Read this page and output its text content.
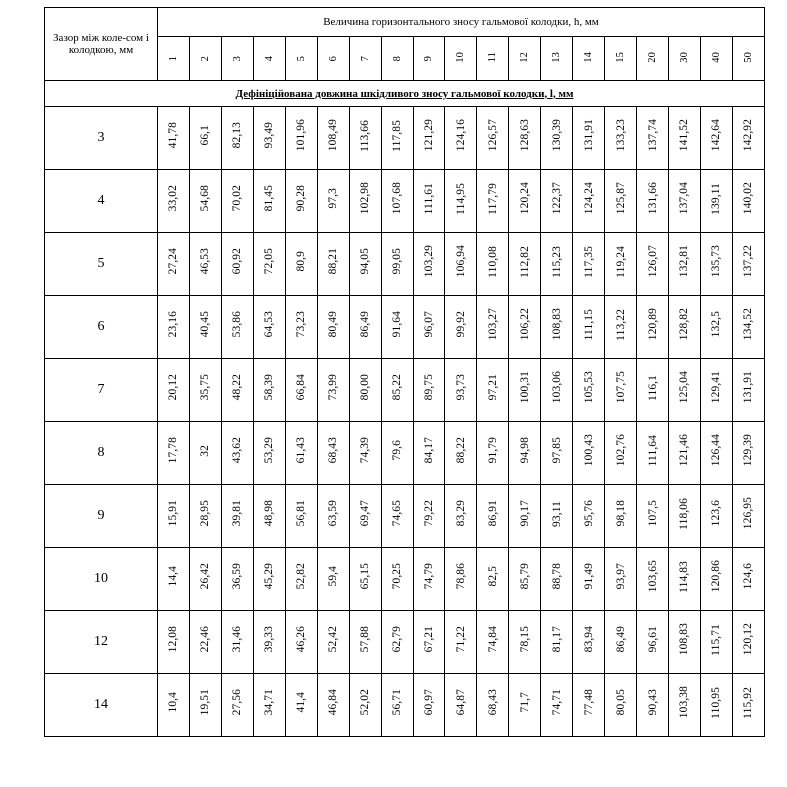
Зазор між коле-сом і колодкою, мм	Величина горизонтального зносу гальмової колодки, h, мм																		
	1	2	3	4	5	6	7	8	9	10	11	12	13	14	15	20	30	40	50
Дефініційована довжина шкідливого зносу гальмової колодки, l, мм																			
3	41,78	66,1	82,13	93,49	101,96	108,49	113,66	117,85	121,29	124,16	126,57	128,63	130,39	131,91	133,23	137,74	141,52	142,64	142,92
4	33,02	54,68	70,02	81,45	90,28	97,3	102,98	107,68	111,61	114,95	117,79	120,24	122,37	124,24	125,87	131,66	137,04	139,11	140,02
5	27,24	46,53	60,92	72,05	80,9	88,21	94,05	99,05	103,29	106,94	110,08	112,82	115,23	117,35	119,24	126,07	132,81	135,73	137,22
6	23,16	40,45	53,86	64,53	73,23	80,49	86,49	91,64	96,07	99,92	103,27	106,22	108,83	111,15	113,22	120,89	128,82	132,5	134,52
7	20,12	35,75	48,22	58,39	66,84	73,99	80,00	85,22	89,75	93,73	97,21	100,31	103,06	105,53	107,75	116,1	125,04	129,41	131,91
8	17,78	32	43,62	53,29	61,43	68,43	74,39	79,6	84,17	88,22	91,79	94,98	97,85	100,43	102,76	111,64	121,46	126,44	129,39
9	15,91	28,95	39,81	48,98	56,81	63,59	69,47	74,65	79,22	83,29	86,91	90,17	93,11	95,76	98,18	107,5	118,06	123,6	126,95
10	14,4	26,42	36,59	45,29	52,82	59,4	65,15	70,25	74,79	78,86	82,5	85,79	88,78	91,49	93,97	103,65	114,83	120,86	124,6
12	12,08	22,46	31,46	39,33	46,26	52,42	57,88	62,79	67,21	71,22	74,84	78,15	81,17	83,94	86,49	96,61	108,83	115,71	120,12
14	10,4	19,51	27,56	34,71	41,4	46,84	52,02	56,71	60,97	64,87	68,43	71,7	74,71	77,48	80,05	90,43	103,38	110,95	115,92
